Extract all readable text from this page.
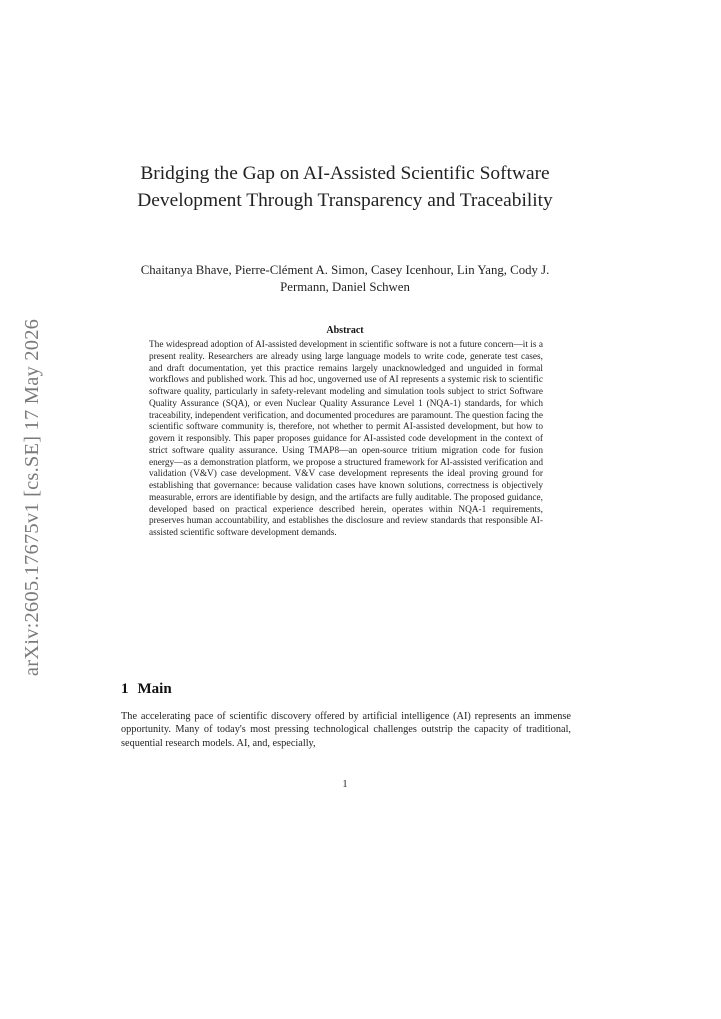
arXiv:2605.17675v1 [cs.SE] 17 May 2026
Bridging the Gap on AI-Assisted Scientific Software Development Through Transparency and Traceability
Chaitanya Bhave, Pierre-Clément A. Simon, Casey Icenhour, Lin Yang, Cody J. Permann, Daniel Schwen
Abstract
The widespread adoption of AI-assisted development in scientific software is not a future concern—it is a present reality. Researchers are already using large language models to write code, generate test cases, and draft documentation, yet this practice remains largely unacknowledged and unguided in formal workflows and published work. This ad hoc, ungoverned use of AI represents a systemic risk to scientific software quality, particularly in safety-relevant modeling and simulation tools subject to strict Software Quality Assurance (SQA), or even Nuclear Quality Assurance Level 1 (NQA-1) standards, for which traceability, independent verification, and documented procedures are paramount. The question facing the scientific software community is, therefore, not whether to permit AI-assisted development, but how to govern it responsibly. This paper proposes guidance for AI-assisted code development in the context of strict software quality assurance. Using TMAP8—an open-source tritium migration code for fusion energy—as a demonstration platform, we propose a structured framework for AI-assisted verification and validation (V&V) case development. V&V case development represents the ideal proving ground for establishing that governance: because validation cases have known solutions, correctness is objectively measurable, errors are identifiable by design, and the artifacts are fully auditable. The proposed guidance, developed based on practical experience described herein, operates within NQA-1 requirements, preserves human accountability, and establishes the disclosure and review standards that responsible AI-assisted scientific software development demands.
1 Main
The accelerating pace of scientific discovery offered by artificial intelligence (AI) represents an immense opportunity. Many of today's most pressing technological challenges outstrip the capacity of traditional, sequential research models. AI, and, especially,
1
